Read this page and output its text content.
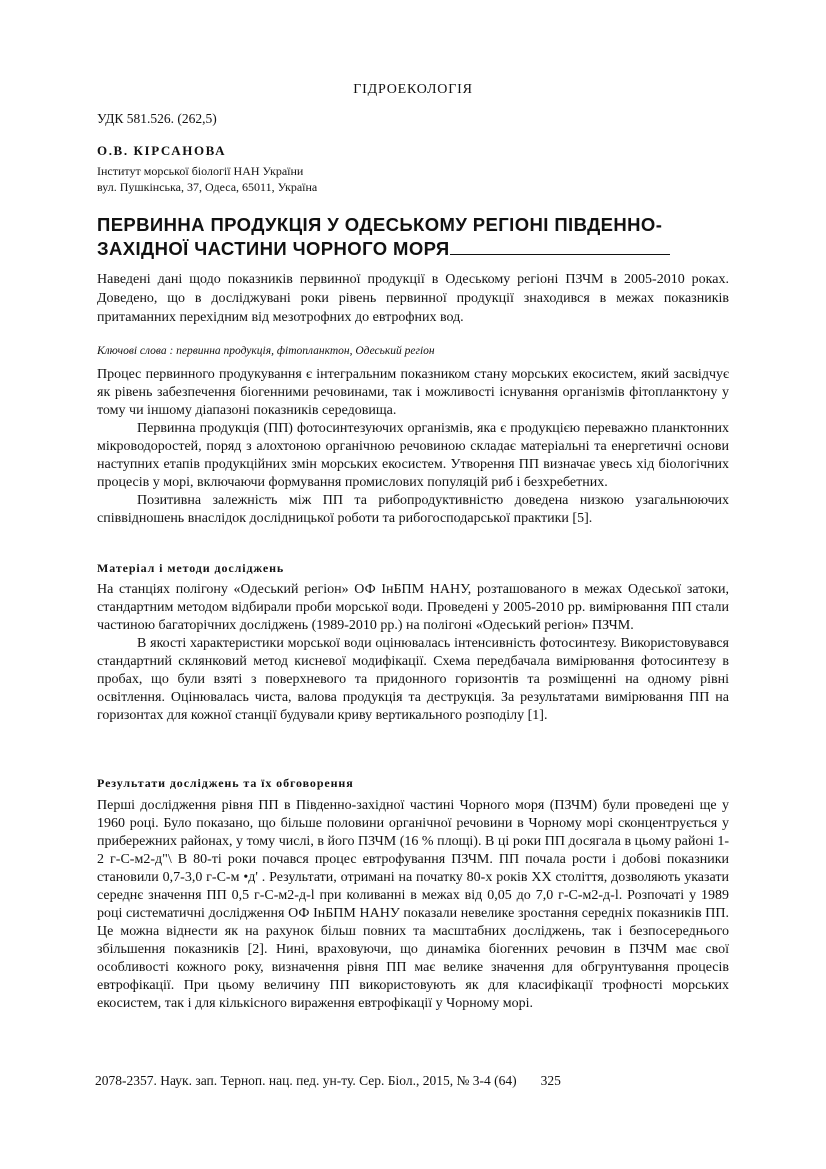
ГІДРОЕКОЛОГІЯ
УДК 581.526. (262,5)
О.В. КІРСАНОВА
Інститут морської біології НАН України
вул. Пушкінська, 37, Одеса, 65011, Україна
ПЕРВИННА ПРОДУКЦІЯ У ОДЕСЬКОМУ РЕГІОНІ ПІВДЕННО-
ЗАХІДНОЇ ЧАСТИНИ ЧОРНОГО МОРЯ
Наведені дані щодо показників первинної продукції в Одеському регіоні ПЗЧМ в 2005-2010 роках. Доведено, що в досліджувані роки рівень первинної продукції знаходився в межах показників притаманних перехідним від мезотрофних до евтрофних вод.
Ключові слова : первинна продукція, фітопланктон, Одеський регіон

Процес первинного продукування є інтегральним показником стану морських екосистем, який засвідчує як рівень забезпечення біогенними речовинами, так і можливості існування організмів фітопланктону у тому чи іншому діапазоні показників середовища.

Первинна продукція (ПП) фотосинтезуючих організмів, яка є продукцією переважно планктонних мікроводоростей, поряд з алохтоною органічною речовиною складає матеріальні та енергетичні основи наступних етапів продукційних змін морських екосистем. Утворення ПП визначає увесь хід біологічних процесів у морі, включаючи формування промислових популяцій риб і безхребетних.

Позитивна залежність між ПП та рибопродуктивністю доведена низкою узагальнюючих співвідношень внаслідок дослідницької роботи та рибогосподарської практики [5].

Матеріал і методи досліджень

На станціях полігону «Одеський регіон» ОФ ІнБПМ НАНУ, розташованого в межах Одеської затоки, стандартним методом відбирали проби морської води. Проведені у 2005-2010 рр. вимірювання ПП стали частиною багаторічних досліджень (1989-2010 рр.) на полігоні «Одеський регіон» ПЗЧМ.

В якості характеристики морської води оцінювалась інтенсивність фотосинтезу. Використовувався стандартний склянковий метод кисневої модифікації. Схема передбачала вимірювання фотосинтезу в пробах, що були взяті з поверхневого та придонного горизонтів та розміщенні на одному рівні освітлення. Оцінювалась чиста, валова продукція та деструкція. За результатами вимірювання ПП на горизонтах для кожної станції будували криву вертикального розподілу [1].

Результати досліджень та їх обговорення

Перші дослідження рівня ПП в Південно-західної частині Чорного моря (ПЗЧМ) були проведені ще у 1960 році. Було показано, що більше половини органічної речовини в Чорному морі сконцентрується у прибережних районах, у тому числі, в його ПЗЧМ (16 % площі). В ці роки ПП досягала в цьому районі 1-2 г-С-м2-д"\ В 80-ті роки почався процес евтрофування ПЗЧМ. ПП почала рости і добові показники становили 0,7-3,0 г-С-м •д' . Результати, отримані на початку 80-х років XX століття, дозволяють указати середнє значення ПП 0,5 г-С-м2-д-l при коливанні в межах від 0,05 до 7,0 г-С-м2-д-l. Розпочаті у 1989 році систематичні дослідження ОФ ІнБПМ НАНУ показали невелике зростання середніх показників ПП. Це можна віднести як на рахунок більш повних та масштабних досліджень, так і безпосереднього збільшення показників [2]. Нині, враховуючи, що динаміка біогенних речовин в ПЗЧМ має свої особливості кожного року, визначення рівня ПП має велике значення для обгрунтування процесів евтрофікації. При цьому величину ПП використовують як для класифікації трофності морських екосистем, так і для кількісного вираження евтрофікації у Чорному морі.

2078-2357. Наук. зап. Терноп. нац. пед. ун-ту. Сер. Біол., 2015, № 3-4 (64) 325
